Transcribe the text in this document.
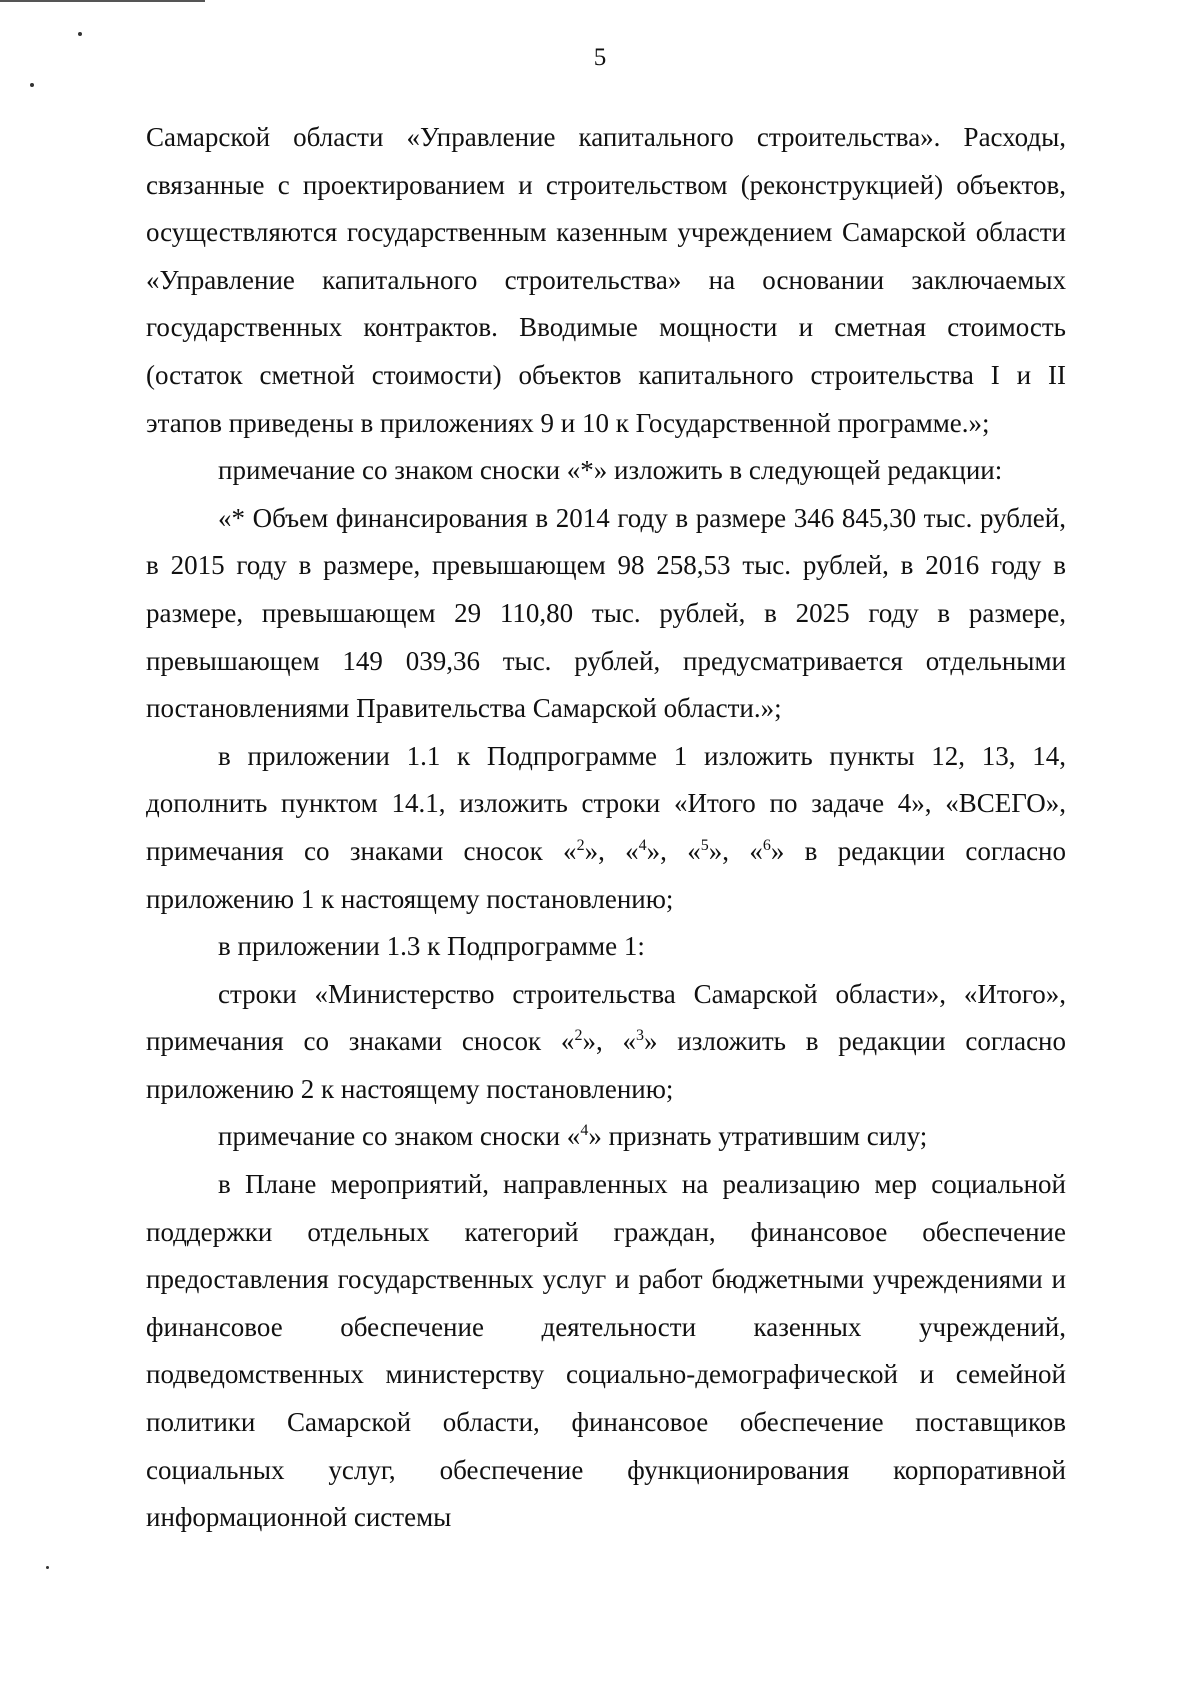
5

Самарской области «Управление капитального строительства». Расходы, связанные с проектированием и строительством (реконструкцией) объектов, осуществляются государственным казенным учреждением Самарской области «Управление капитального строительства» на основании заключаемых государственных контрактов. Вводимые мощности и сметная стоимость (остаток сметной стоимости) объектов капитального строительства I и II этапов приведены в приложениях 9 и 10 к Государственной программе.»;

примечание со знаком сноски «*» изложить в следующей редакции:

«* Объем финансирования в 2014 году в размере 346 845,30 тыс. рублей, в 2015 году в размере, превышающем 98 258,53 тыс. рублей, в 2016 году в размере, превышающем 29 110,80 тыс. рублей, в 2025 году в размере, превышающем 149 039,36 тыс. рублей, предусматривается отдельными постановлениями Правительства Самарской области.»;

в приложении 1.1 к Подпрограмме 1 изложить пункты 12, 13, 14, дополнить пунктом 14.1, изложить строки «Итого по задаче 4», «ВСЕГО», примечания со знаками сносок «$^2$», «$^4$», «$^5$», «$^6$» в редакции согласно приложению 1 к настоящему постановлению;

в приложении 1.3 к Подпрограмме 1:

строки «Министерство строительства Самарской области», «Итого», примечания со знаками сносок «$^2$», «$^3$» изложить в редакции согласно приложению 2 к настоящему постановлению;

примечание со знаком сноски «$^4$» признать утратившим силу;

в Плане мероприятий, направленных на реализацию мер социальной поддержки отдельных категорий граждан, финансовое обеспечение предоставления государственных услуг и работ бюджетными учреждениями и финансовое обеспечение деятельности казенных учреждений, подведомственных министерству социально-демографической и семейной политики Самарской области, финансовое обеспечение поставщиков социальных услуг, обеспечение функционирования корпоративной информационной системы
